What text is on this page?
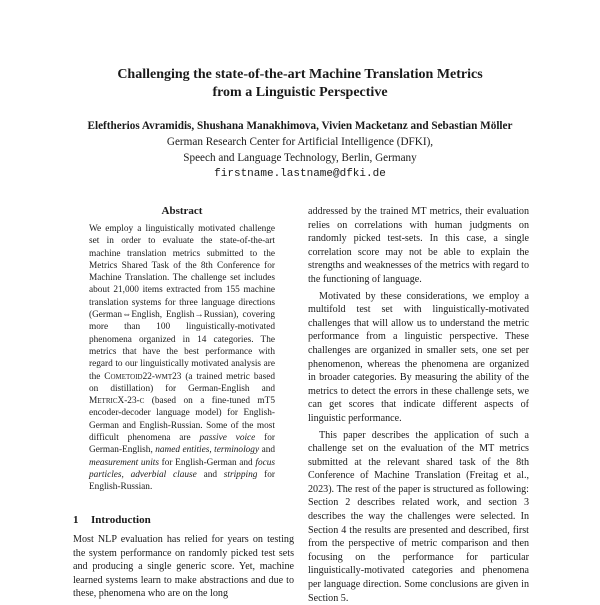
Challenging the state-of-the-art Machine Translation Metrics
from a Linguistic Perspective
Eleftherios Avramidis, Shushana Manakhimova, Vivien Macketanz and Sebastian Möller
German Research Center for Artificial Intelligence (DFKI),
Speech and Language Technology, Berlin, Germany
firstname.lastname@dfki.de
Abstract
We employ a linguistically motivated challenge set in order to evaluate the state-of-the-art machine translation metrics submitted to the Metrics Shared Task of the 8th Conference for Machine Translation. The challenge set includes about 21,000 items extracted from 155 machine translation systems for three language directions (German⇔English, English→Russian), covering more than 100 linguistically-motivated phenomena organized in 14 categories. The metrics that have the best performance with regard to our linguistically motivated analysis are the Cometoid22-wmt23 (a trained metric based on distillation) for German-English and MetricX-23-c (based on a fine-tuned mT5 encoder-decoder language model) for English-German and English-Russian. Some of the most difficult phenomena are passive voice for German-English, named entities, terminology and measurement units for English-German and focus particles, adverbial clause and stripping for English-Russian.
1 Introduction

Most NLP evaluation has relied for years on testing the system performance on randomly picked test sets and producing a single generic score. Yet, machine learned systems learn to make abstractions and due to these, phenomena who are on the long

addressed by the trained MT metrics, their evaluation relies on correlations with human judgments on randomly picked test-sets. In this case, a single correlation score may not be able to explain the strengths and weaknesses of the metrics with regard to the functioning of language.

Motivated by these considerations, we employ a multifold test set with linguistically-motivated challenges that will allow us to understand the metric performance from a linguistic perspective. These challenges are organized in smaller sets, one set per phenomenon, whereas the phenomena are organized in broader categories. By measuring the ability of the metrics to detect the errors in these challenge sets, we can get scores that indicate different aspects of linguistic performance.

This paper describes the application of such a challenge set on the evaluation of the MT metrics submitted at the relevant shared task of the 8th Conference of Machine Translation (Freitag et al., 2023). The rest of the paper is structured as following: Section 2 describes related work, and section 3 describes the way the challenges were selected. In Section 4 the results are presented and described, first from the perspective of metric comparison and then focusing on the performance for particular linguistically-motivated categories and phenomena per language direction. Some conclusions are given in Section 5.
